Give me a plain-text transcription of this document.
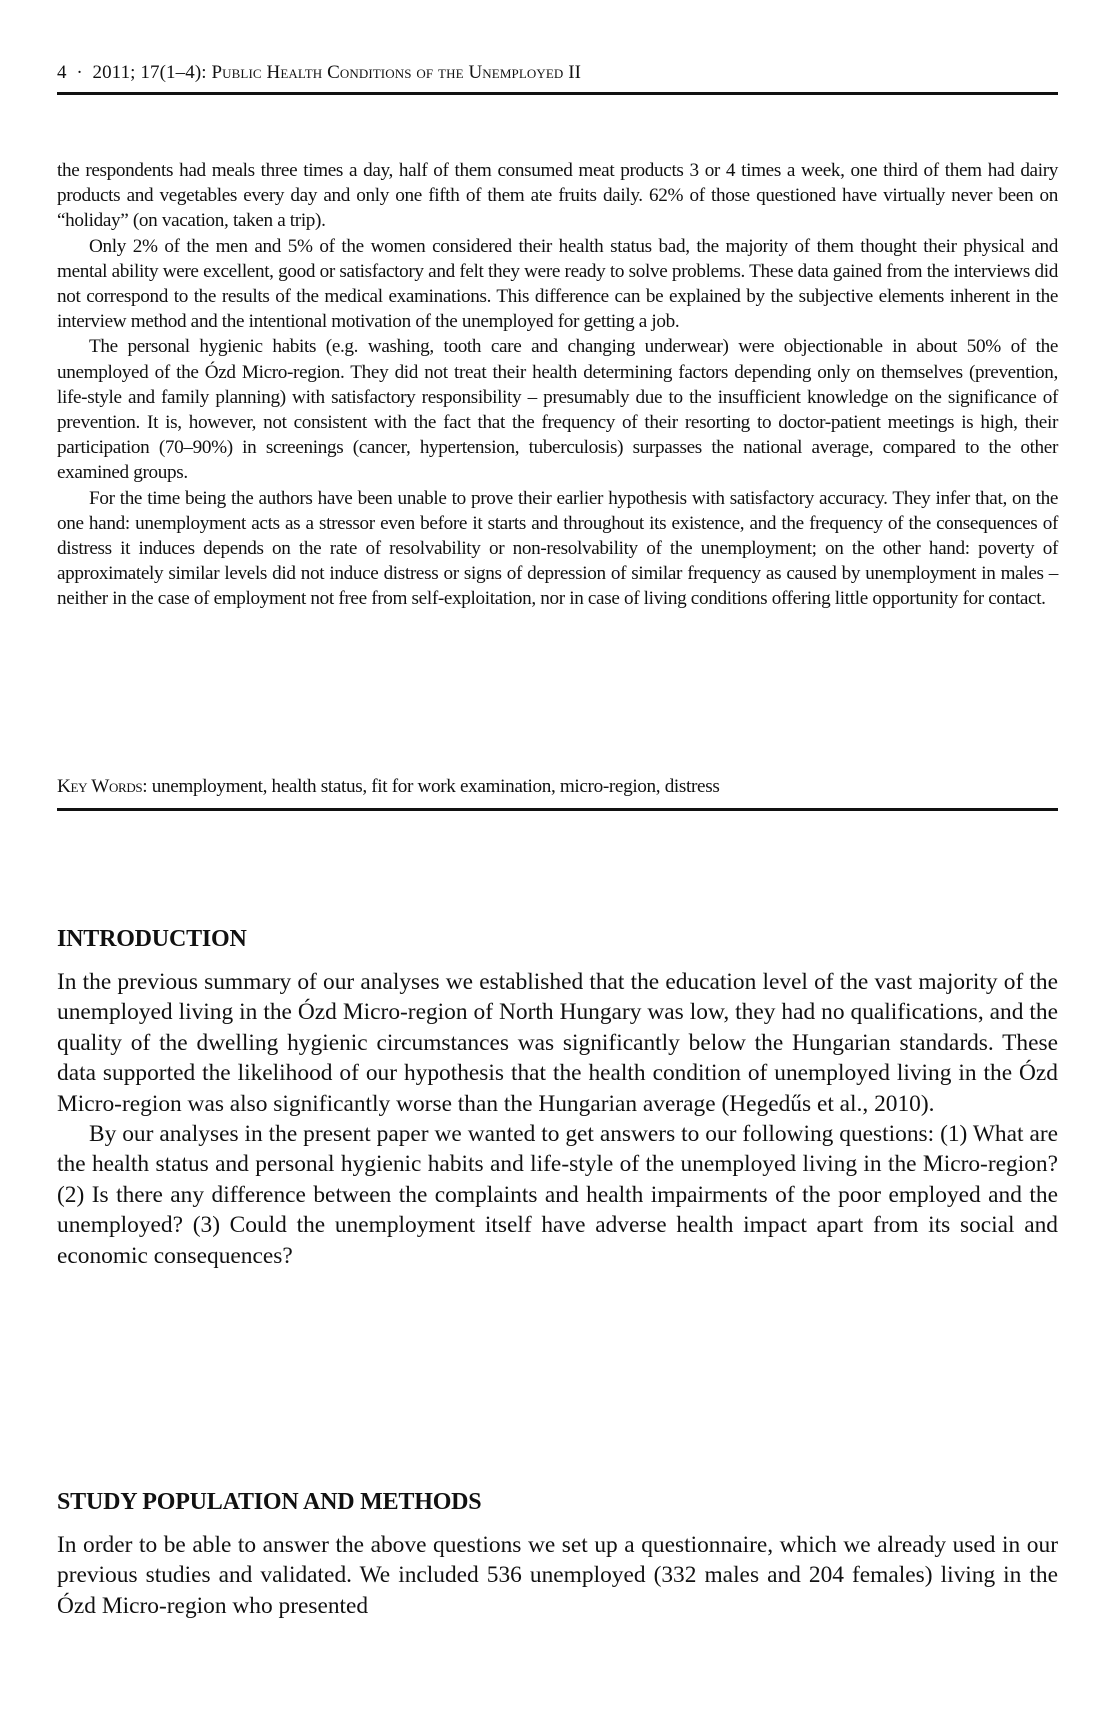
4  ·  2011; 17(1–4): Public Health Conditions of the Unemployed II

the respondents had meals three times a day, half of them consumed meat products 3 or 4 times a week, one third of them had dairy products and vegetables every day and only one fifth of them ate fruits daily. 62% of those questioned have virtually never been on “holiday” (on vacation, taken a trip).

Only 2% of the men and 5% of the women considered their health status bad, the majority of them thought their physical and mental ability were excellent, good or satisfactory and felt they were ready to solve problems. These data gained from the interviews did not correspond to the results of the medical examinations. This difference can be explained by the subjective elements inherent in the interview method and the intentional motivation of the unemployed for getting a job.

The personal hygienic habits (e.g. washing, tooth care and changing underwear) were objectionable in about 50% of the unemployed of the Ózd Micro-region. They did not treat their health determining factors depending only on themselves (prevention, life-style and family planning) with satisfactory responsibility – presumably due to the insufficient knowledge on the significance of prevention. It is, however, not consistent with the fact that the frequency of their resorting to doctor-patient meetings is high, their participation (70–90%) in screenings (cancer, hypertension, tuberculosis) surpasses the national average, compared to the other examined groups.

For the time being the authors have been unable to prove their earlier hypothesis with satisfactory accuracy. They infer that, on the one hand: unemployment acts as a stressor even before it starts and throughout its existence, and the frequency of the consequences of distress it induces depends on the rate of resolvability or non-resolvability of the unemployment; on the other hand: poverty of approximately similar levels did not induce distress or signs of depression of similar frequency as caused by unemployment in males – neither in the case of employment not free from self-exploitation, nor in case of living conditions offering little opportunity for contact.

Key Words: unemployment, health status, fit for work examination, micro-region, distress
INTRODUCTION

In the previous summary of our analyses we established that the education level of the vast majority of the unemployed living in the Ózd Micro-region of North Hungary was low, they had no qualifications, and the quality of the dwelling hygienic circumstances was significantly below the Hungarian standards. These data supported the likelihood of our hypothesis that the health condition of unemployed living in the Ózd Micro-region was also significantly worse than the Hungarian average (Hegedűs et al., 2010).

By our analyses in the present paper we wanted to get answers to our following questions: (1) What are the health status and personal hygienic habits and life-style of the unemployed living in the Micro-region? (2) Is there any difference between the complaints and health impairments of the poor employed and the unemployed? (3) Could the unemployment itself have adverse health impact apart from its social and economic consequences?

STUDY POPULATION AND METHODS

In order to be able to answer the above questions we set up a questionnaire, which we already used in our previous studies and validated. We included 536 unemployed (332 males and 204 females) living in the Ózd Micro-region who presented
